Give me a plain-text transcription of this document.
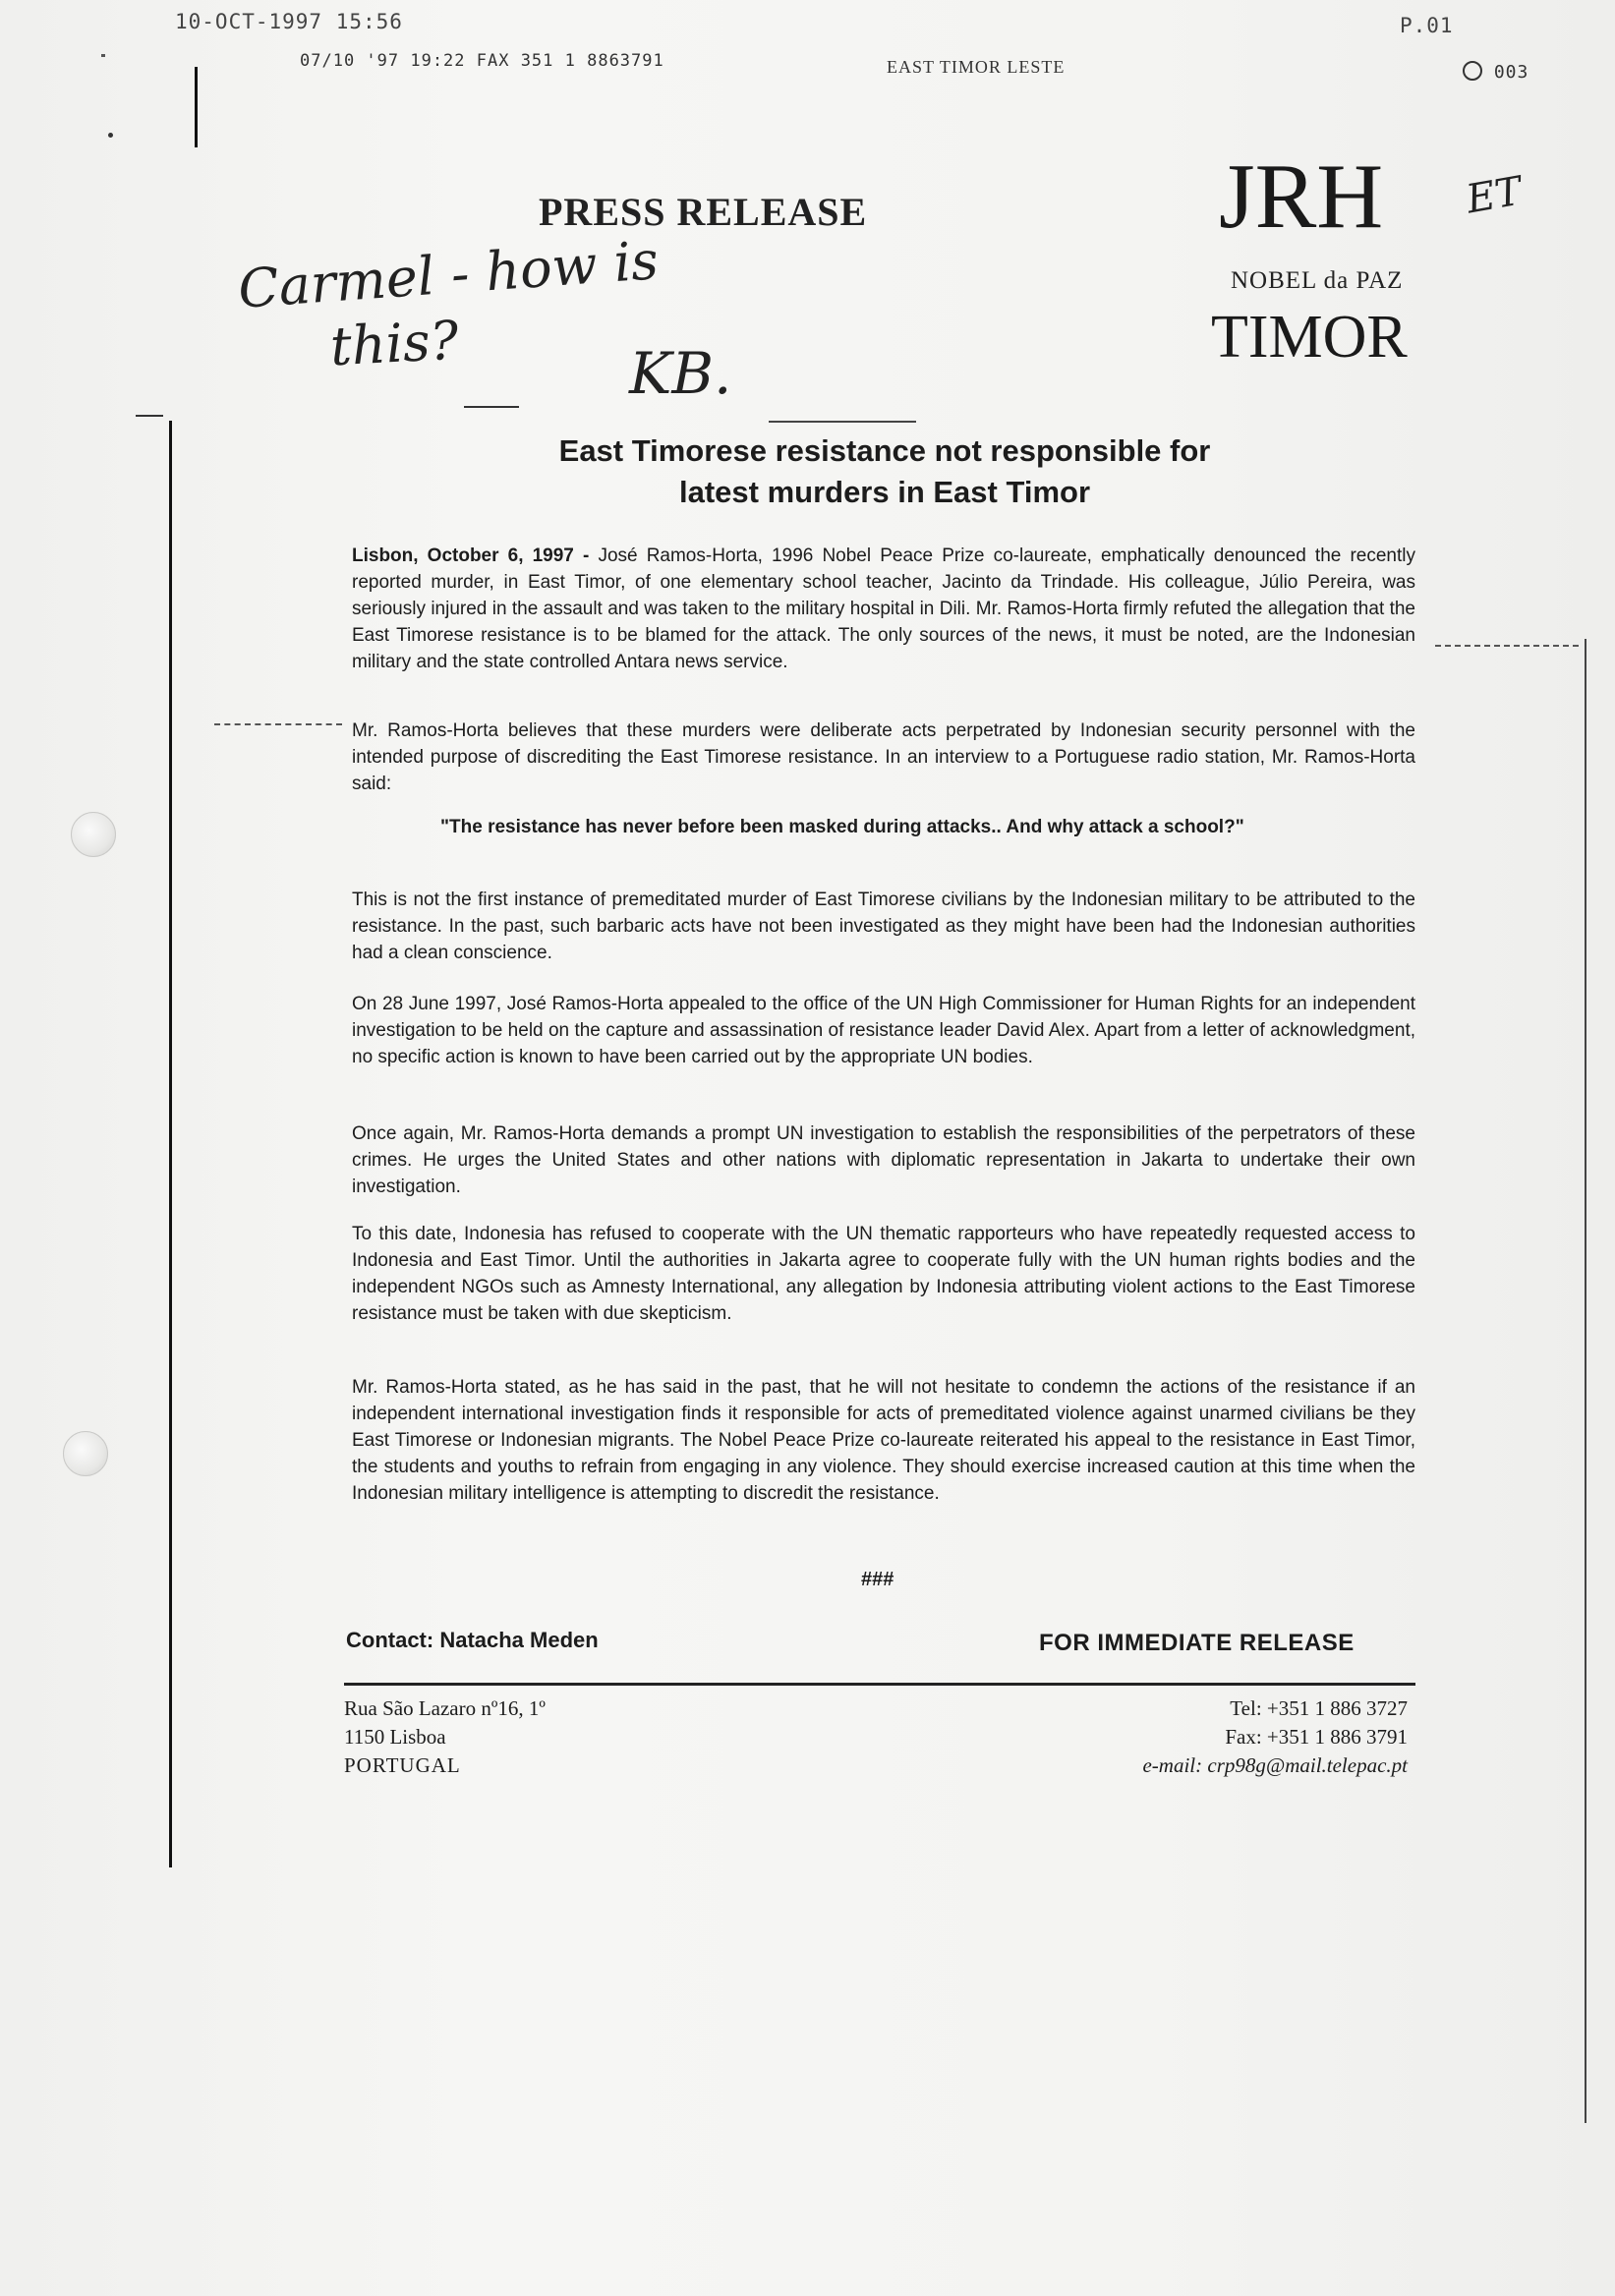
10-OCT-1997 15:56	P.01
07/10 '97 19:22 FAX 351 1 8863791	EAST TIMOR LESTE	003
PRESS RELEASE	JRH
NOBEL da PAZ
TIMOR
Carmel - how is
this?	KB.
ET
East Timorese resistance not responsible for
latest murders in East Timor

Lisbon, October 6, 1997 - José Ramos-Horta, 1996 Nobel Peace Prize co-laureate, emphatically denounced the recently reported murder, in East Timor, of one elementary school teacher, Jacinto da Trindade. His colleague, Júlio Pereira, was seriously injured in the assault and was taken to the military hospital in Dili. Mr. Ramos-Horta firmly refuted the allegation that the East Timorese resistance is to be blamed for the attack. The only sources of the news, it must be noted, are the Indonesian military and the state controlled Antara news service.

Mr. Ramos-Horta believes that these murders were deliberate acts perpetrated by Indonesian security personnel with the intended purpose of discrediting the East Timorese resistance. In an interview to a Portuguese radio station, Mr. Ramos-Horta said:

"The resistance has never before been masked during attacks.. And why attack a school?"

This is not the first instance of premeditated murder of East Timorese civilians by the Indonesian military to be attributed to the resistance. In the past, such barbaric acts have not been investigated as they might have been had the Indonesian authorities had a clean conscience.

On 28 June 1997, José Ramos-Horta appealed to the office of the UN High Commissioner for Human Rights for an independent investigation to be held on the capture and assassination of resistance leader David Alex. Apart from a letter of acknowledgment, no specific action is known to have been carried out by the appropriate UN bodies.

Once again, Mr. Ramos-Horta demands a prompt UN investigation to establish the responsibilities of the perpetrators of these crimes. He urges the United States and other nations with diplomatic representation in Jakarta to undertake their own investigation.

To this date, Indonesia has refused to cooperate with the UN thematic rapporteurs who have repeatedly requested access to Indonesia and East Timor. Until the authorities in Jakarta agree to cooperate fully with the UN human rights bodies and the independent NGOs such as Amnesty International, any allegation by Indonesia attributing violent actions to the East Timorese resistance must be taken with due skepticism.

Mr. Ramos-Horta stated, as he has said in the past, that he will not hesitate to condemn the actions of the resistance if an independent international investigation finds it responsible for acts of premeditated violence against unarmed civilians be they East Timorese or Indonesian migrants. The Nobel Peace Prize co-laureate reiterated his appeal to the resistance in East Timor, the students and youths to refrain from engaging in any violence. They should exercise increased caution at this time when the Indonesian military intelligence is attempting to discredit the resistance.

###
Contact: Natacha Meden	FOR IMMEDIATE RELEASE
Rua São Lazaro nº16, 1º
1150 Lisboa
PORTUGAL
Tel: +351 1 886 3727
Fax: +351 1 886 3791
e-mail: crp98g@mail.telepac.pt
